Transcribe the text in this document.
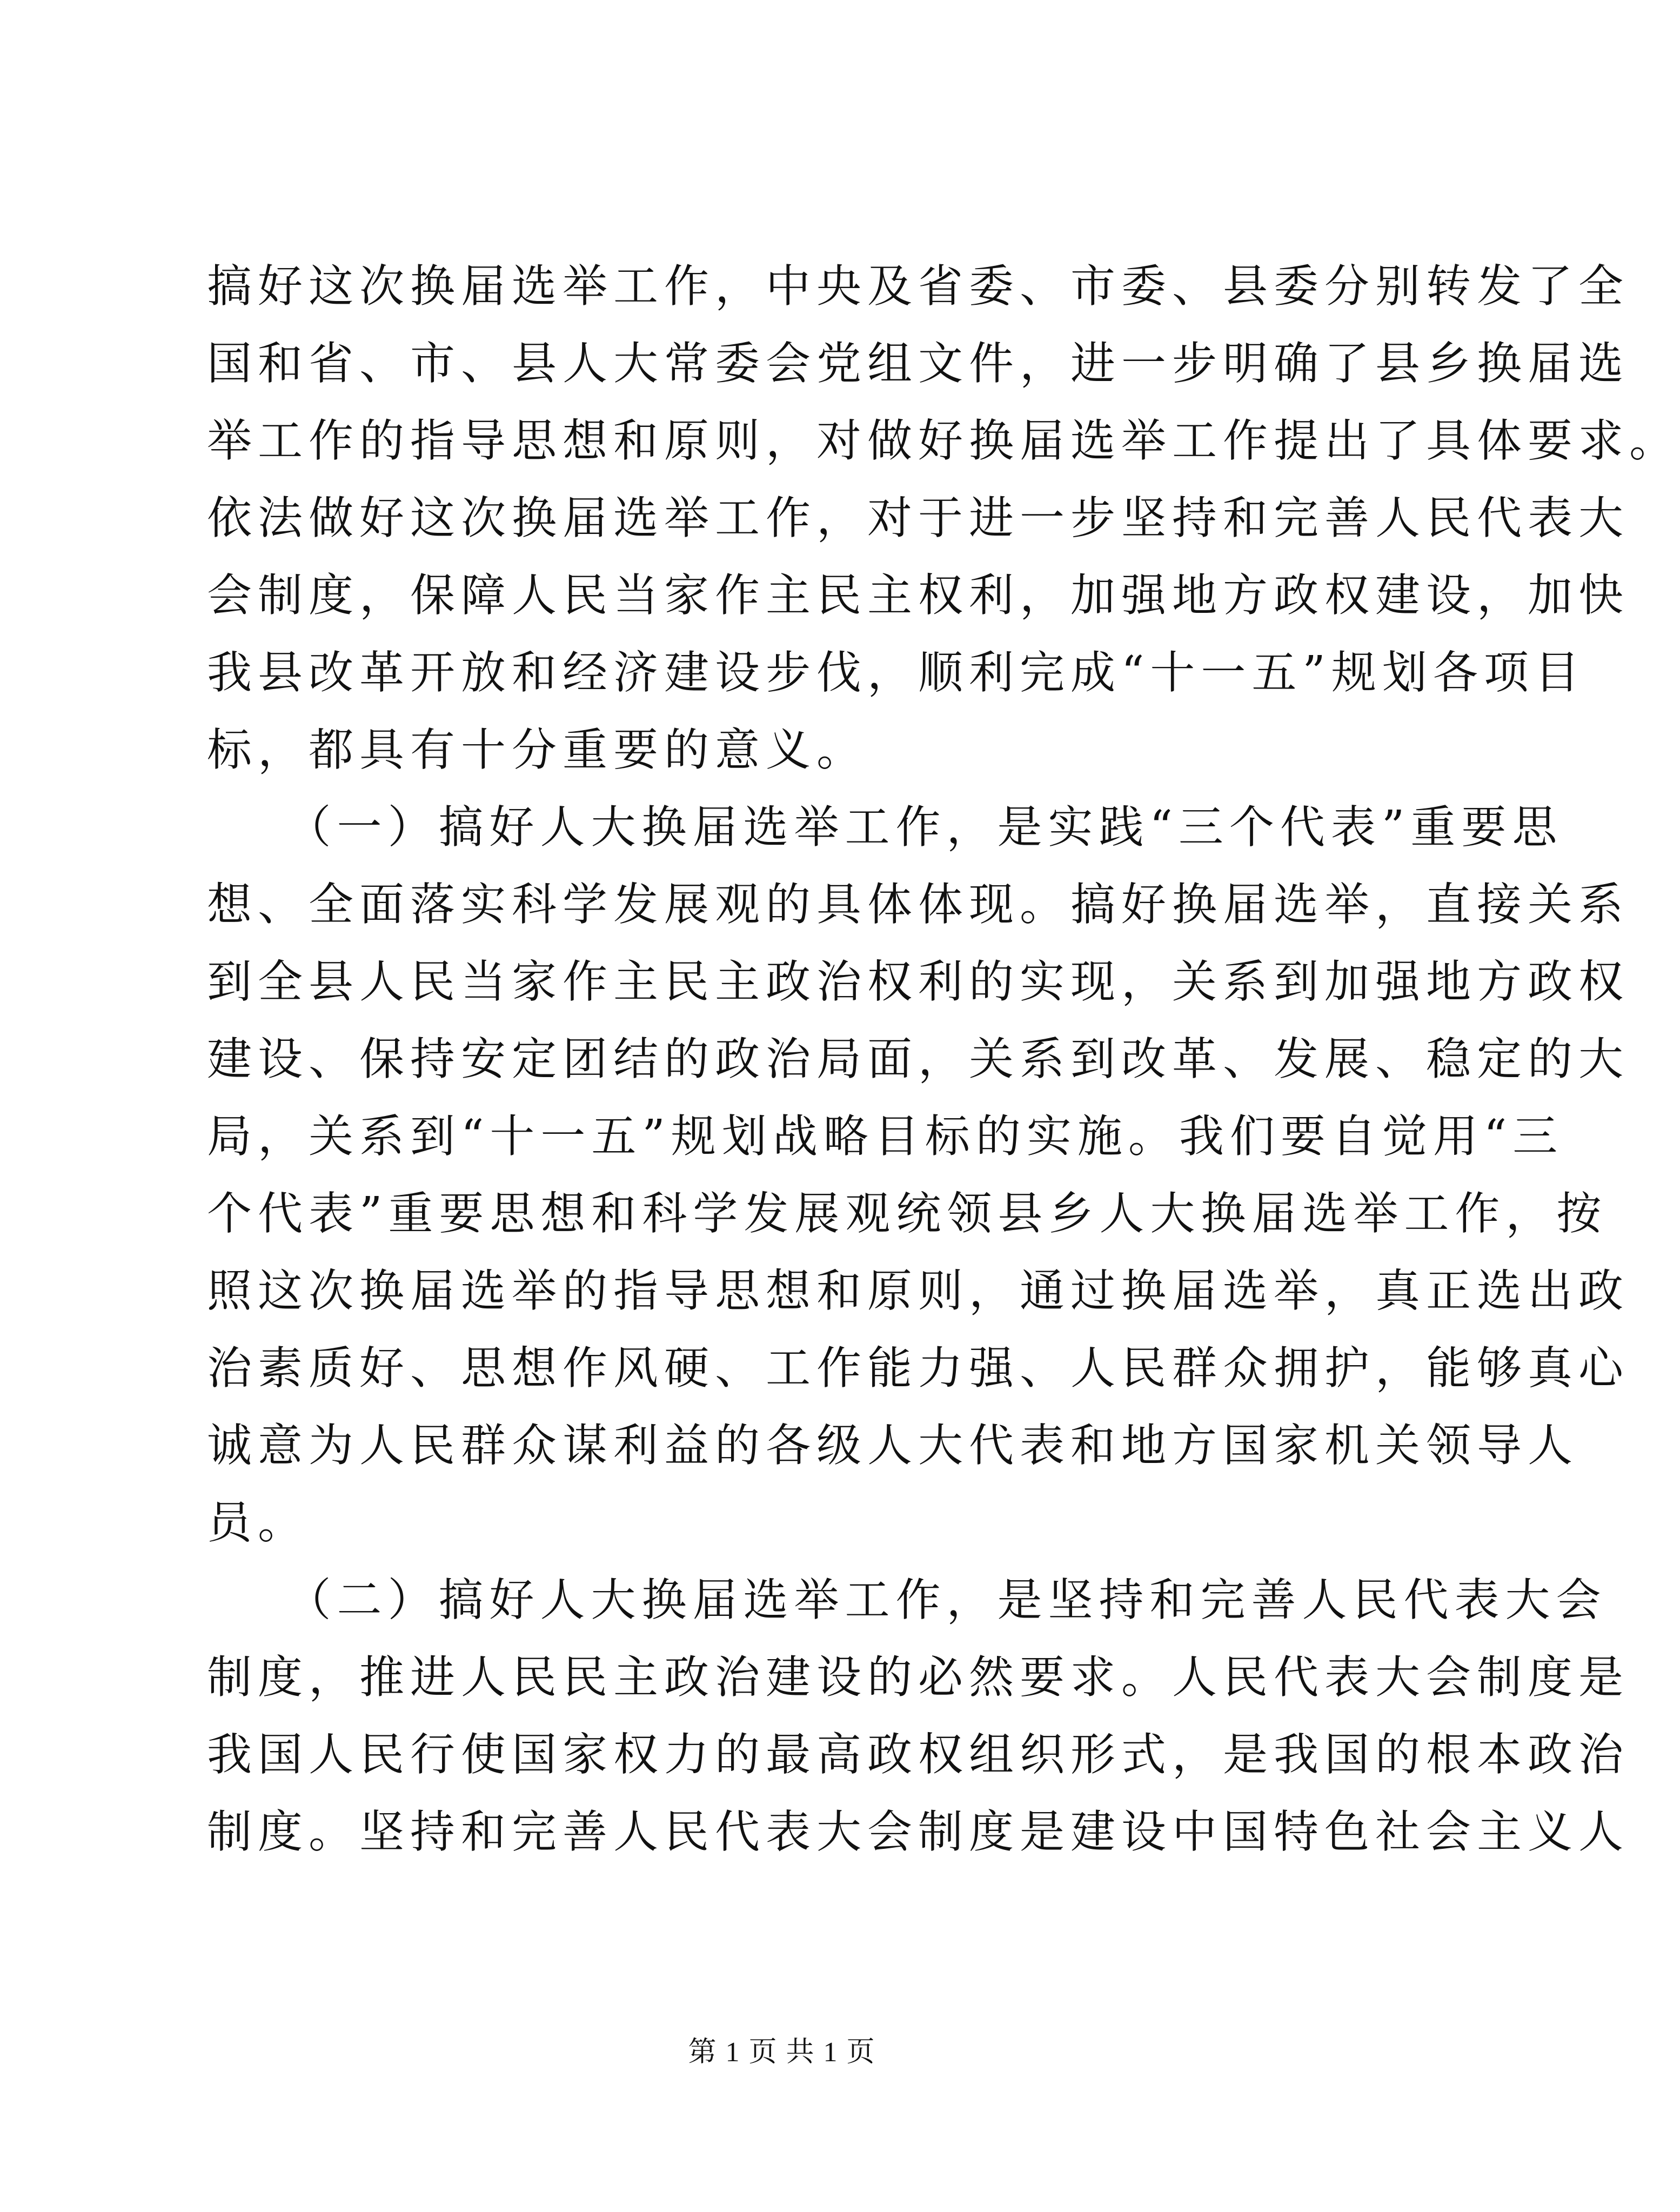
搞好这次换届选举工作，中央及省委、市委、县委分别转发了全
国和省、市、县人大常委会党组文件，进一步明确了县乡换届选
举工作的指导思想和原则，对做好换届选举工作提出了具体要求。
依法做好这次换届选举工作，对于进一步坚持和完善人民代表大
会制度，保障人民当家作主民主权利，加强地方政权建设，加快
我县改革开放和经济建设步伐，顺利完成“十一五”规划各项目
标，都具有十分重要的意义。
　　（一）搞好人大换届选举工作，是实践“三个代表”重要思
想、全面落实科学发展观的具体体现。搞好换届选举，直接关系
到全县人民当家作主民主政治权利的实现，关系到加强地方政权
建设、保持安定团结的政治局面，关系到改革、发展、稳定的大
局，关系到“十一五”规划战略目标的实施。我们要自觉用“三
个代表”重要思想和科学发展观统领县乡人大换届选举工作，按
照这次换届选举的指导思想和原则，通过换届选举，真正选出政
治素质好、思想作风硬、工作能力强、人民群众拥护，能够真心
诚意为人民群众谋利益的各级人大代表和地方国家机关领导人
员。
　　（二）搞好人大换届选举工作，是坚持和完善人民代表大会
制度，推进人民民主政治建设的必然要求。人民代表大会制度是
我国人民行使国家权力的最高政权组织形式，是我国的根本政治
制度。坚持和完善人民代表大会制度是建设中国特色社会主义人
第 1 页 共 1 页
